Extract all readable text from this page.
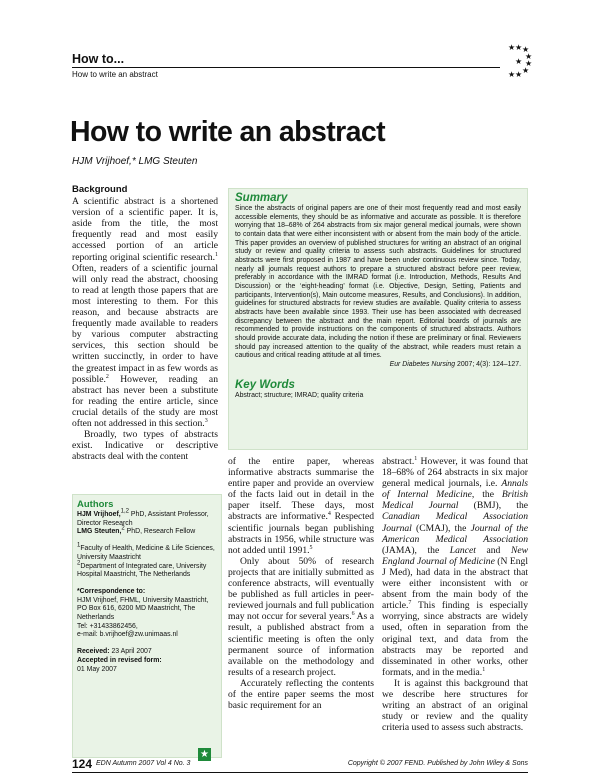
How to...
How to write an abstract
★ ★ ★
★
★
★
★
★
★
How to write an abstract
HJM Vrijhoef,* LMG Steuten

Background

A scientific abstract is a shortened version of a scientific paper. It is, aside from the title, the most frequently read and most easily accessed portion of an article reporting original scientific research.$^1$ Often, readers of a scientific journal will only read the abstract, choosing to read at length those papers that are most interesting to them. For this reason, and because abstracts are frequently made available to readers by various computer abstracting services, this section should be written succinctly, in order to have the greatest impact in as few words as possible.$^2$ However, reading an abstract has never been a substitute for reading the entire article, since crucial details of the study are most often not addressed in this section.$^3$

Broadly, two types of abstracts exist. Indicative or descriptive abstracts deal with the content

Summary

Since the abstracts of original papers are one of their most frequently read and most easily accessible elements, they should be as informative and accurate as possible. It is therefore worrying that 18–68% of 264 abstracts from six major general medical journals, were shown to contain data that were either inconsistent with or absent from the main body of the article. This paper provides an overview of published structures for writing an abstract of an original study or review and quality criteria to assess such abstracts. Guidelines for structured abstracts were first proposed in 1987 and have been under continuous review since. Today, nearly all journals request authors to prepare a structured abstract before peer review, preferably in accordance with the IMRAD format (i.e. Introduction, Methods, Results And Discussion) or the ‘eight-heading’ format (i.e. Objective, Design, Setting, Patients and participants, Intervention(s), Main outcome measures, Results, and Conclusions). In addition, guidelines for structured abstracts for review studies are available. Quality criteria to assess abstracts have been available since 1993. Their use has been associated with decreased discrepancy between the abstract and the main report. Editorial boards of journals are recommended to provide instructions on the components of structured abstracts. Authors should provide accurate data, including the notion if these are preliminary or final. Reviewers should pay increased attention to the quality of the abstract, while readers must retain a cautious and critical reading attitude at all times.

Eur Diabetes Nursing 2007; 4(3): 124–127.

Key Words

Abstract; structure; IMRAD; quality criteria

of the entire paper, whereas informative abstracts summarise the entire paper and provide an overview of the facts laid out in detail in the paper itself. These days, most abstracts are informative.$^4$ Respected scientific journals began publishing abstracts in 1956, while structure was not added until 1991.$^5$

Only about 50% of research projects that are initially submitted as conference abstracts, will eventually be published as full articles in peer-reviewed journals and full publication may not occur for several years.$^6$ As a result, a published abstract from a scientific meeting is often the only permanent source of information available on the methodology and results of a research project.

Accurately reflecting the contents of the entire paper seems the most basic requirement for an

abstract.$^1$ However, it was found that 18–68% of 264 abstracts in six major general medical journals, i.e. Annals of Internal Medicine, the British Medical Journal (BMJ), the Canadian Medical Association Journal (CMAJ), the Journal of the American Medical Association (JAMA), the Lancet and New England Journal of Medicine (N Engl J Med), had data in the abstract that were either inconsistent with or absent from the main body of the article.$^7$ This finding is especially worrying, since abstracts are widely used, often in separation from the original text, and data from the abstracts may be reported and disseminated in other works, other formats, and in the media.$^1$

It is against this background that we describe here structures for writing an abstract of an original study or review and the quality criteria used to assess such abstracts.

Authors

HJM Vrijhoef,$^{1,2}$ PhD, Assistant Professor, Director Research

LMG Steuten,$^2$ PhD, Research Fellow

$^1$Faculty of Health, Medicine & Life Sciences, University Maastricht

$^2$Department of Integrated care, University Hospital Maastricht, The Netherlands

*Correspondence to:

HJM Vrijhoef, FHML, University Maastricht, PO Box 616, 6200 MD Maastricht, The Netherlands

Tel: +31433862456,

e-mail: b.vrijhoef@zw.unimaas.nl

Received: 23 April 2007

Accepted in revised form:

01 May 2007

★
124 EDN Autumn 2007 Vol 4 No. 3	Copyright © 2007 FEND. Published by John Wiley & Sons
